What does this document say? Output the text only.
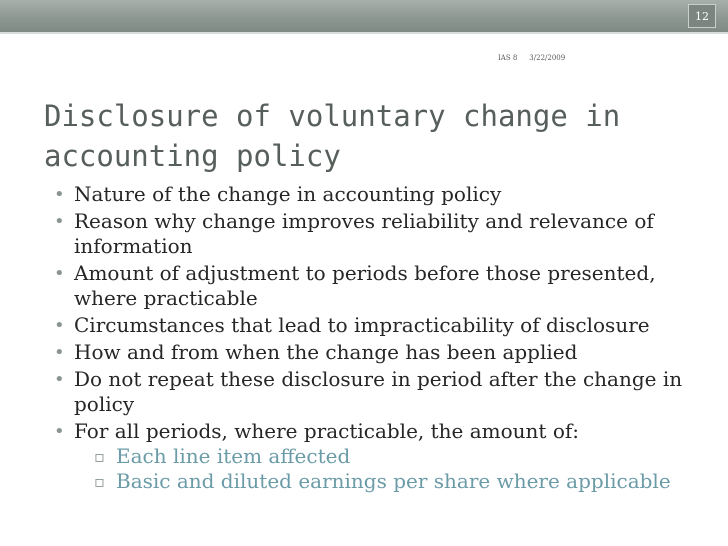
12
IAS 8 3/22/2009
Disclosure of voluntary change in accounting policy
• Nature of the change in accounting policy
• Reason why change improves reliability and relevance of information
• Amount of adjustment to periods before those presented, where practicable
• Circumstances that lead to impracticability of disclosure
• How and from when the change has been applied
• Do not repeat these disclosure in period after the change in policy
• For all periods, where practicable, the amount of:
▫ Each line item affected
▫ Basic and diluted earnings per share where applicable
